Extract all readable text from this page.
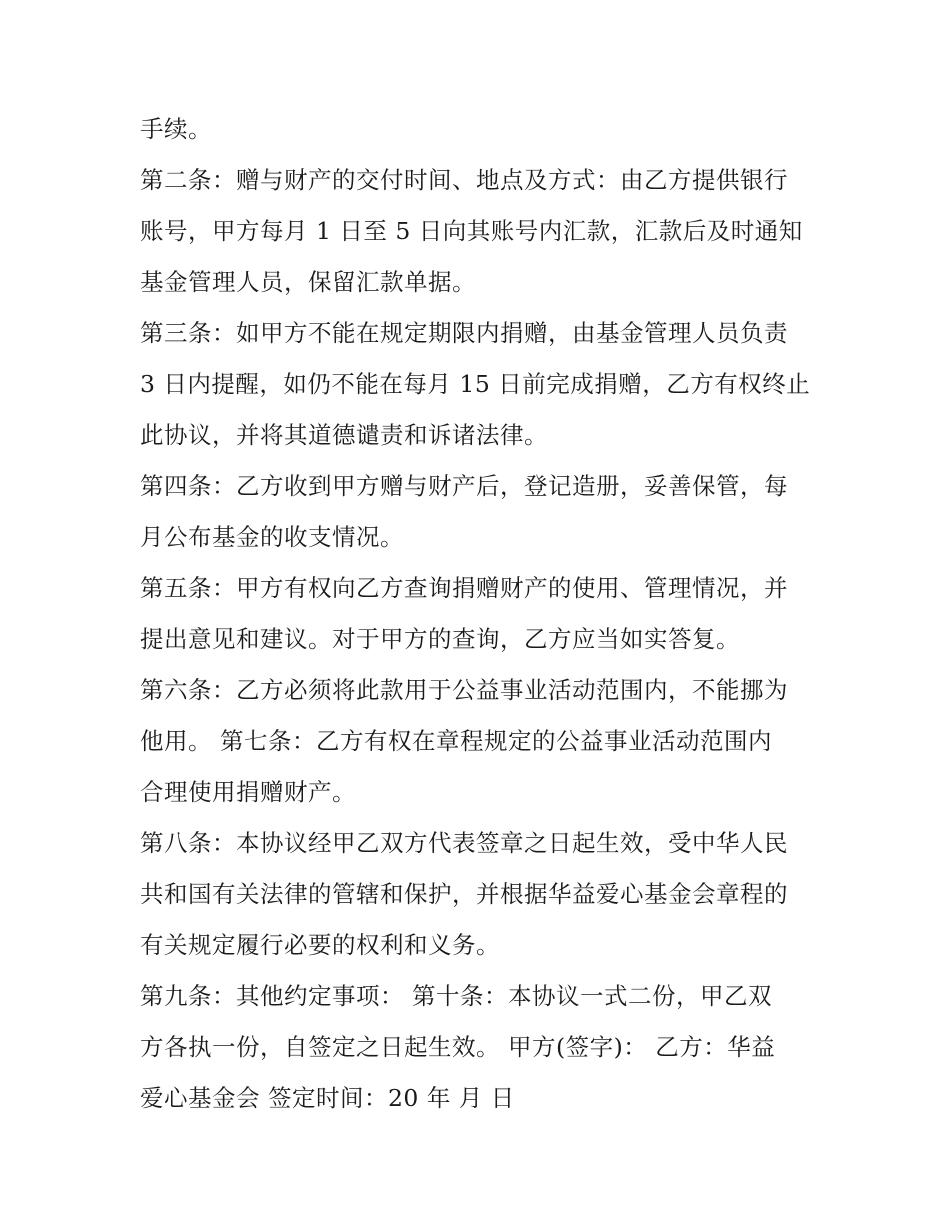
手续。
第二条：赠与财产的交付时间、地点及方式：由乙方提供银行
账号，甲方每月 1 日至 5 日向其账号内汇款，汇款后及时通知
基金管理人员，保留汇款单据。
第三条：如甲方不能在规定期限内捐赠，由基金管理人员负责
3 日内提醒，如仍不能在每月 15 日前完成捐赠，乙方有权终止
此协议，并将其道德谴责和诉诸法律。
第四条：乙方收到甲方赠与财产后，登记造册，妥善保管，每
月公布基金的收支情况。
第五条：甲方有权向乙方查询捐赠财产的使用、管理情况，并
提出意见和建议。对于甲方的查询，乙方应当如实答复。
第六条：乙方必须将此款用于公益事业活动范围内，不能挪为
他用。 第七条：乙方有权在章程规定的公益事业活动范围内
合理使用捐赠财产。
第八条：本协议经甲乙双方代表签章之日起生效，受中华人民
共和国有关法律的管辖和保护，并根据华益爱心基金会章程的
有关规定履行必要的权利和义务。
第九条：其他约定事项： 第十条：本协议一式二份，甲乙双
方各执一份，自签定之日起生效。 甲方(签字)： 乙方：华益
爱心基金会 签定时间：20 年 月 日
